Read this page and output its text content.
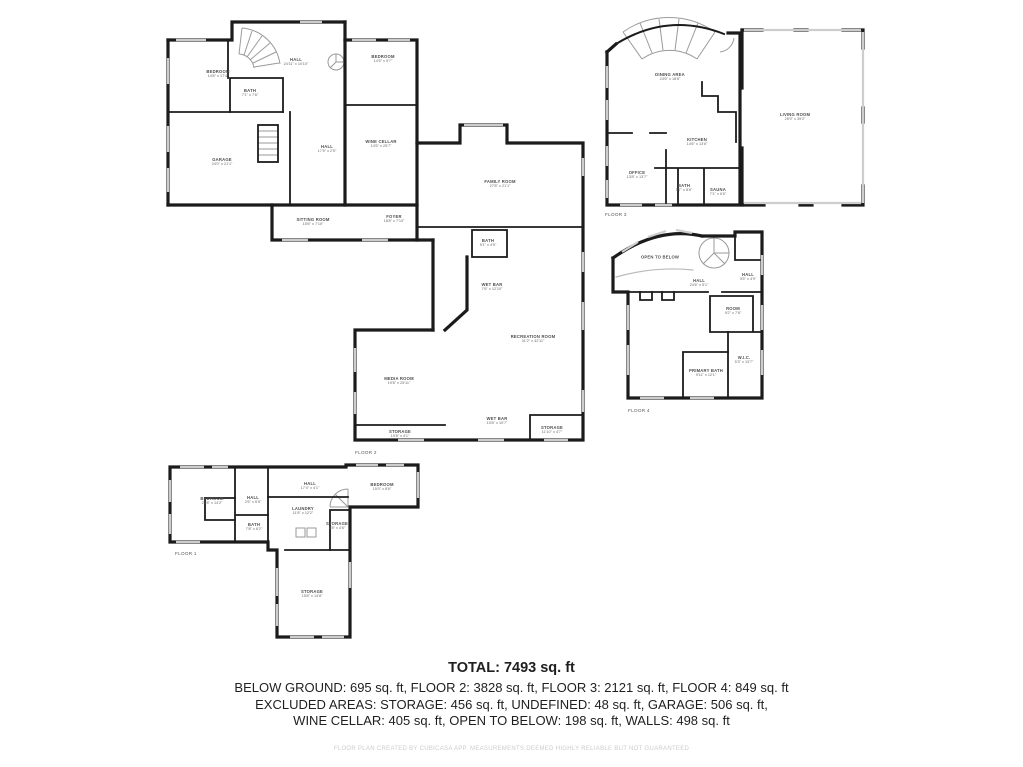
BEDROOM
14'8" x 17'4"
BATH
7'1" x 7'6"
HALL
24'11" x 10'10"
BEDROOM
14'5" x 9'7"
WINE CELLAR
14'5" x 25'7"
GARAGE
24'0" x 21'1"
HALL
17'5" x 2'5"
SITTING ROOM
15'6" x 7'10"
FOYER
18'8" x 7'10"
FAMILY ROOM
27'8" x 21'1"
BATH
5'1" x 4'5"
WET BAR
7'6" x 12'10"
RECREATION ROOM
31'2" x 42'11"
MEDIA ROOM
19'8" x 25'11"
STORAGE
19'8" x 4'1"
WET BAR
10'8" x 10'7"
STORAGE
11'10" x 4'7"
FLOOR 2
DINING AREA
24'6" x 18'6"
KITCHEN
14'6" x 13'6"
OFFICE
13'8" x 13'7"
BATH
5'7" x 8'6"	SAUNA
7'1" x 6'6"
LIVING ROOM
25'9" x 39'2"
FLOOR 3
OPEN TO BELOW
HALL
24'6" x 5'1"
HALL
3'5" x 4'9"
ROOM
9'2" x 7'6"
W.I.C.
5'3" x 13'7"
PRIMARY BATH
9'11" x 12'1"
FLOOR 4
BEDROOM
20'8" x 14'2"
HALL
2'6" x 6'5"
BATH
7'8" x 6'2"
HALL
17'4" x 4'1"
LAUNDRY
11'8" x 12'2"
STORAGE
5'8" x 4'6"
BEDROOM
15'0" x 8'6"
STORAGE
15'8" x 14'8"
FLOOR 1
TOTAL: 7493 sq. ft
BELOW GROUND: 695 sq. ft, FLOOR 2: 3828 sq. ft, FLOOR 3: 2121 sq. ft, FLOOR 4: 849 sq. ft
EXCLUDED AREAS: STORAGE: 456 sq. ft, UNDEFINED: 48 sq. ft, GARAGE: 506 sq. ft,
WINE CELLAR: 405 sq. ft, OPEN TO BELOW: 198 sq. ft, WALLS: 498 sq. ft
FLOOR PLAN CREATED BY CUBICASA APP. MEASUREMENTS DEEMED HIGHLY RELIABLE BUT NOT GUARANTEED
